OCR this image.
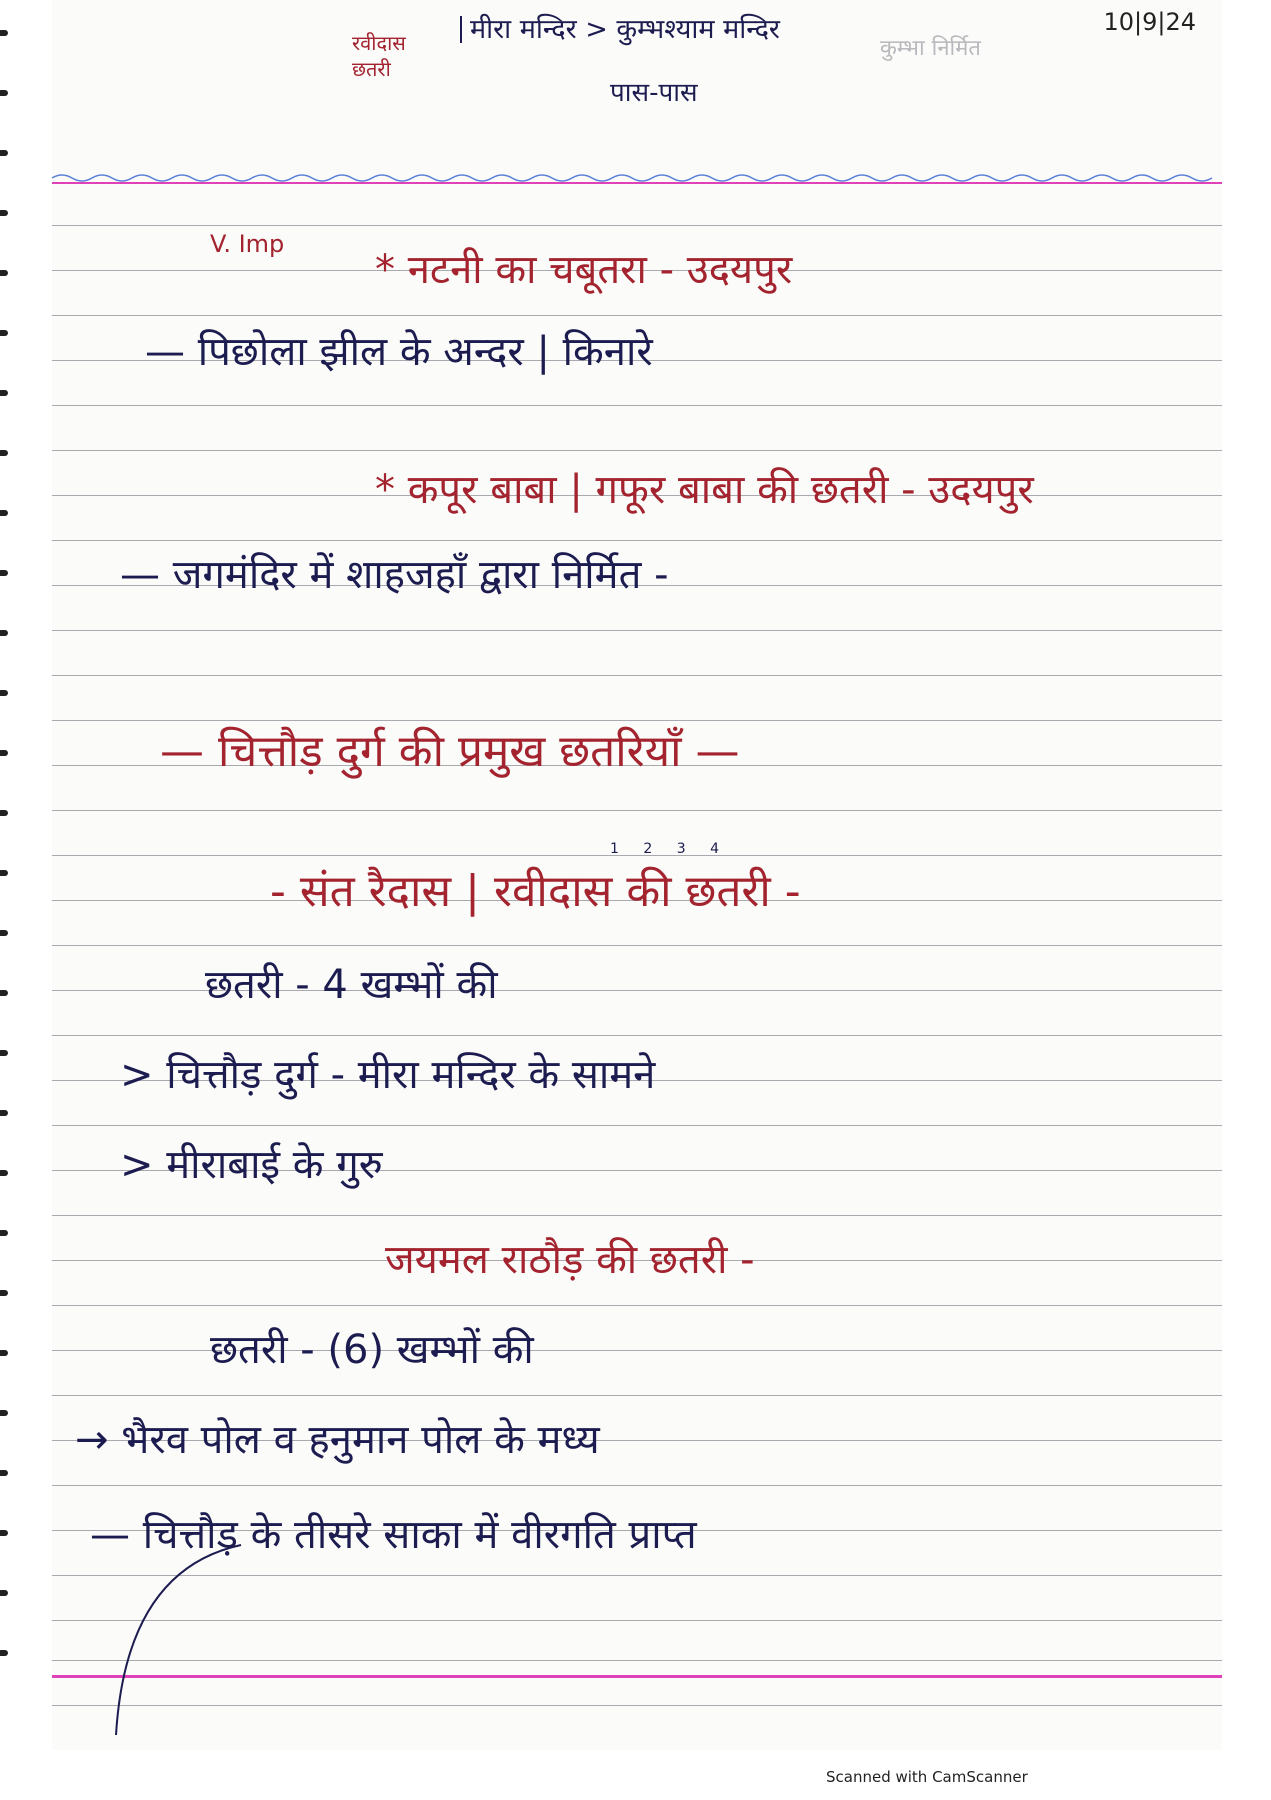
10|9|24
रवीदास छतरी
मीरा मन्दिर > कुम्भश्याम मन्दिर
पास-पास
कुम्भा निर्मित
V. Imp
* नटनी का चबूतरा - उदयपुर
— पिछोला झील के अन्दर | किनारे
* कपूर बाबा | गफूर बाबा की छतरी - उदयपुर
— जगमंदिर में शाहजहाँ द्वारा निर्मित -
— चित्तौड़ दुर्ग की प्रमुख छतरियाँ —
1 2 3 4
- संत रैदास | रवीदास की छतरी -
छतरी - 4 खम्भों की
> चित्तौड़ दुर्ग - मीरा मन्दिर के सामने
> मीराबाई के गुरु
जयमल राठौड़ की छतरी -
छतरी - (6) खम्भों की
→ भैरव पोल व हनुमान पोल के मध्य
— चित्तौड़ के तीसरे साका में वीरगति प्राप्त
Scanned with CamScanner
